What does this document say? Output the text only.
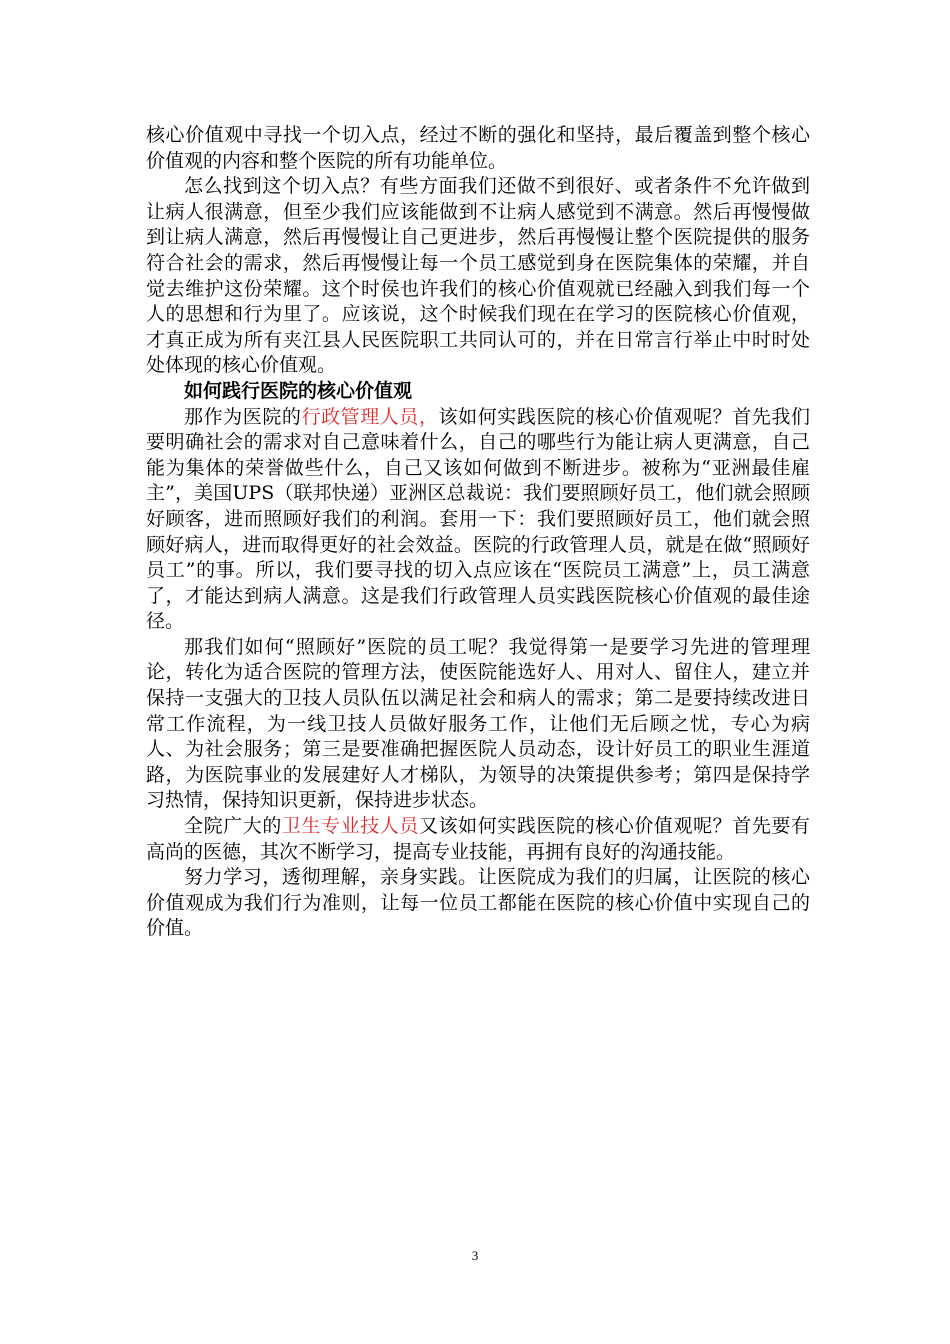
核心价值观中寻找一个切入点，经过不断的强化和坚持，最后覆盖到整个核心价值观的内容和整个医院的所有功能单位。

怎么找到这个切入点？有些方面我们还做不到很好、或者条件不允许做到让病人很满意，但至少我们应该能做到不让病人感觉到不满意。然后再慢慢做到让病人满意，然后再慢慢让自己更进步，然后再慢慢让整个医院提供的服务符合社会的需求，然后再慢慢让每一个员工感觉到身在医院集体的荣耀，并自觉去维护这份荣耀。这个时侯也许我们的核心价值观就已经融入到我们每一个人的思想和行为里了。应该说，这个时候我们现在在学习的医院核心价值观，才真正成为所有夹江县人民医院职工共同认可的，并在日常言行举止中时时处处体现的核心价值观。

如何践行医院的核心价值观

那作为医院的行政管理人员，该如何实践医院的核心价值观呢？首先我们要明确社会的需求对自己意味着什么，自己的哪些行为能让病人更满意，自己能为集体的荣誉做些什么，自己又该如何做到不断进步。被称为“亚洲最佳雇主”，美国UPS（联邦快递）亚洲区总裁说：我们要照顾好员工，他们就会照顾好顾客，进而照顾好我们的利润。套用一下：我们要照顾好员工，他们就会照顾好病人，进而取得更好的社会效益。医院的行政管理人员，就是在做“照顾好员工”的事。所以，我们要寻找的切入点应该在“医院员工满意”上，员工满意了，才能达到病人满意。这是我们行政管理人员实践医院核心价值观的最佳途径。

那我们如何“照顾好”医院的员工呢？我觉得第一是要学习先进的管理理论，转化为适合医院的管理方法，使医院能选好人、用对人、留住人，建立并保持一支强大的卫技人员队伍以满足社会和病人的需求；第二是要持续改进日常工作流程，为一线卫技人员做好服务工作，让他们无后顾之忧，专心为病人、为社会服务；第三是要准确把握医院人员动态，设计好员工的职业生涯道路，为医院事业的发展建好人才梯队，为领导的决策提供参考；第四是保持学习热情，保持知识更新，保持进步状态。

全院广大的卫生专业技人员又该如何实践医院的核心价值观呢？首先要有高尚的医德，其次不断学习，提高专业技能，再拥有良好的沟通技能。

努力学习，透彻理解，亲身实践。让医院成为我们的归属，让医院的核心价值观成为我们行为准则，让每一位员工都能在医院的核心价值中实现自己的价值。

3
